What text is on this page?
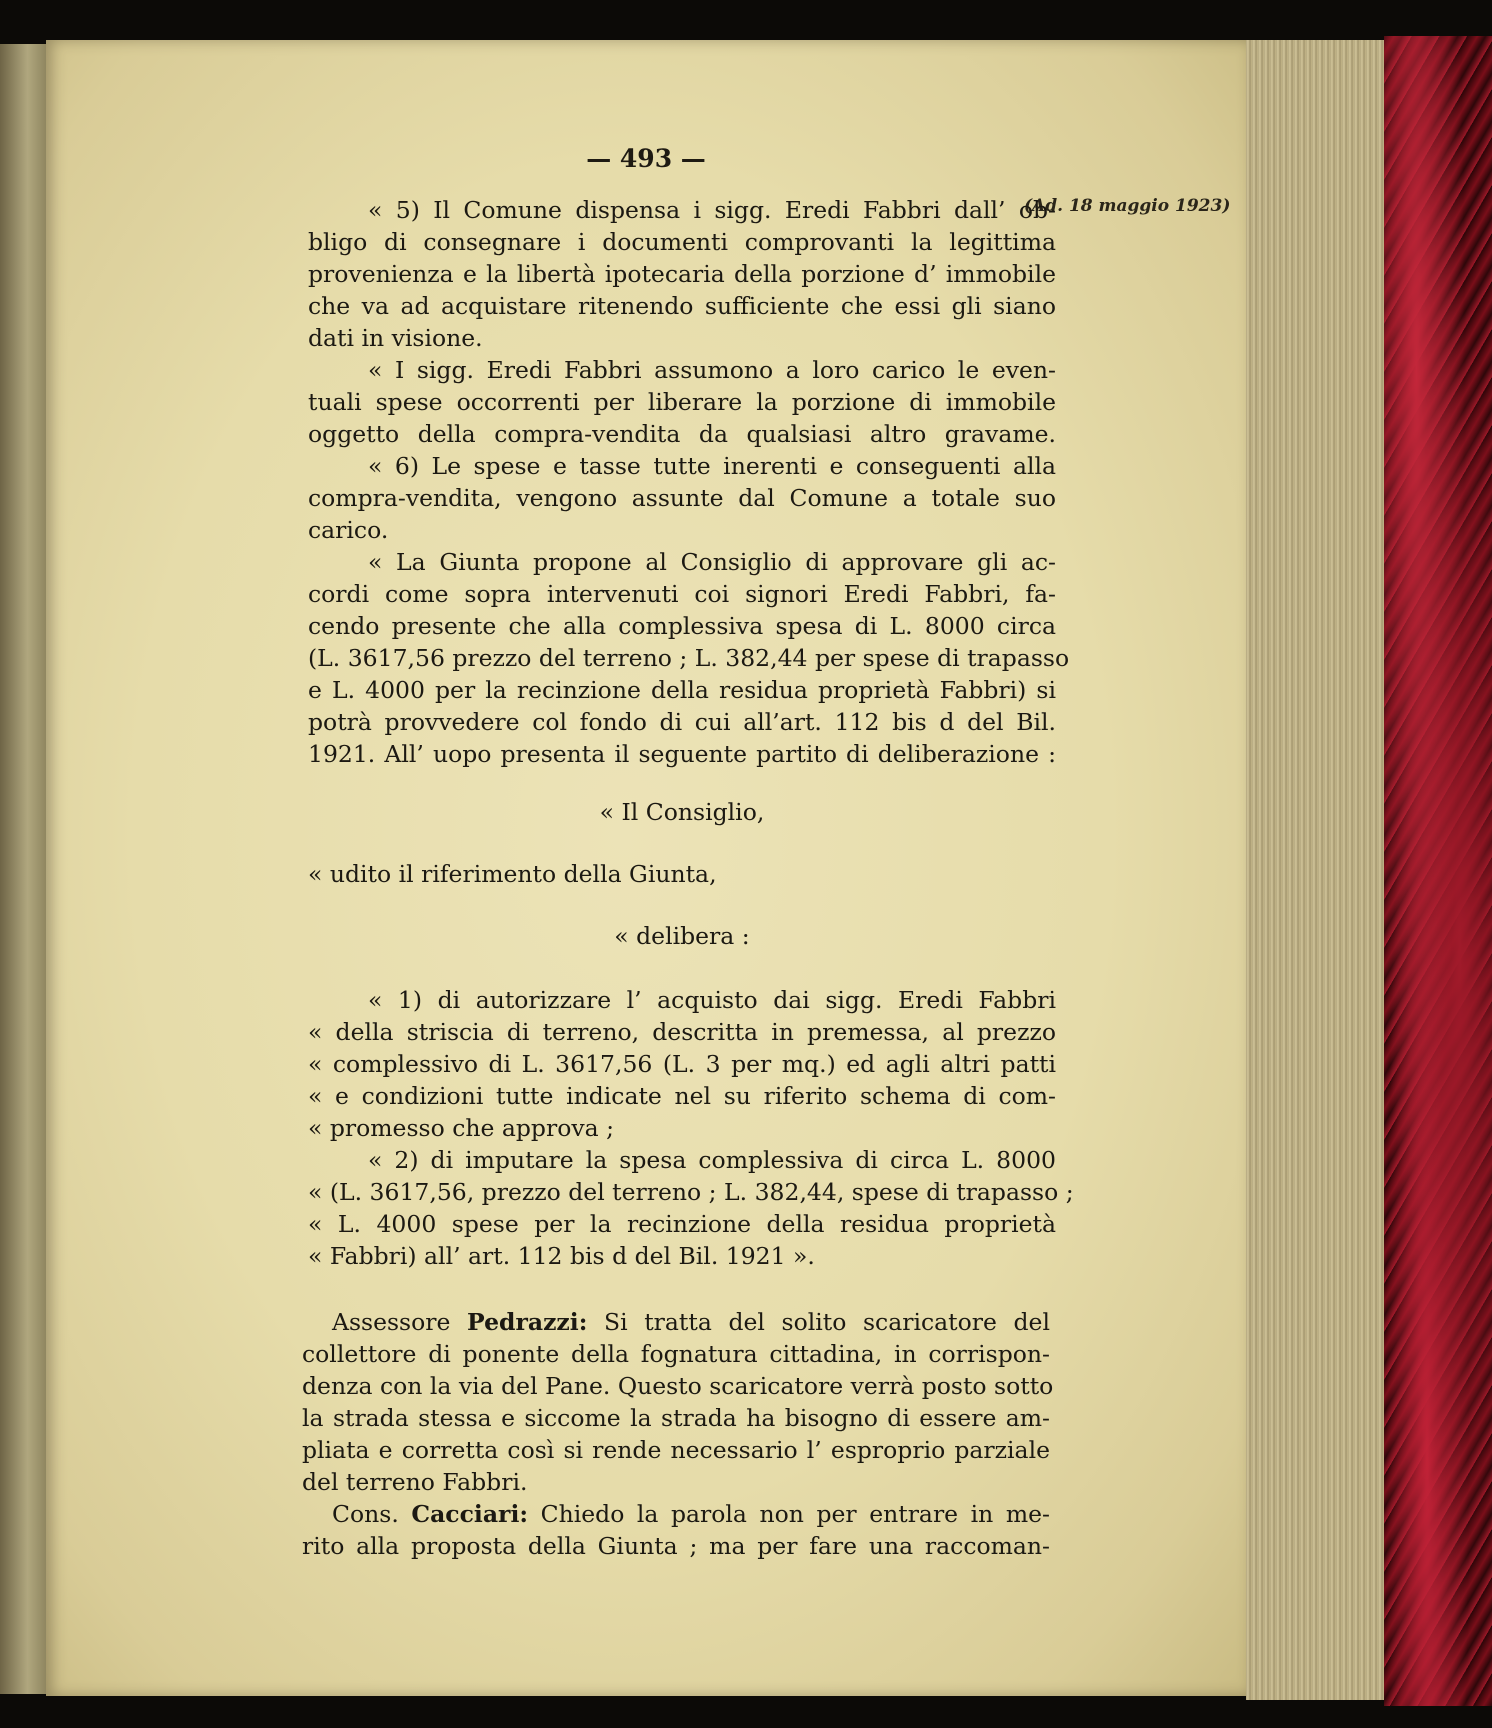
— 493 —
(Ad. 18 maggio 1923)
« 5) Il Comune dispensa i sigg. Eredi Fabbri dall’ ob-
bligo di consegnare i documenti comprovanti la legittima
provenienza e la libertà ipotecaria della porzione d’ immobile
che va ad acquistare ritenendo sufficiente che essi gli siano
dati in visione.
« I sigg. Eredi Fabbri assumono a loro carico le even-
tuali spese occorrenti per liberare la porzione di immobile
oggetto della compra-vendita da qualsiasi altro gravame.
« 6) Le spese e tasse tutte inerenti e conseguenti alla
compra-vendita, vengono assunte dal Comune a totale suo
carico.
« La Giunta propone al Consiglio di approvare gli ac-
cordi come sopra intervenuti coi signori Eredi Fabbri, fa-
cendo presente che alla complessiva spesa di L. 8000 circa
(L. 3617,56 prezzo del terreno ; L. 382,44 per spese di trapasso
e L. 4000 per la recinzione della residua proprietà Fabbri) si
potrà provvedere col fondo di cui all’art. 112 bis d del Bil.
1921. All’ uopo presenta il seguente partito di deliberazione :
« Il Consiglio,
« udito il riferimento della Giunta,
« delibera :
« 1) di autorizzare l’ acquisto dai sigg. Eredi Fabbri
« della striscia di terreno, descritta in premessa, al prezzo
« complessivo di L. 3617,56 (L. 3 per mq.) ed agli altri patti
« e condizioni tutte indicate nel su riferito schema di com-
« promesso che approva ;
« 2) di imputare la spesa complessiva di circa L. 8000
« (L. 3617,56, prezzo del terreno ; L. 382,44, spese di trapasso ;
« L. 4000 spese per la recinzione della residua proprietà
« Fabbri) all’ art. 112 bis d del Bil. 1921 ».
Assessore Pedrazzi: Si tratta del solito scaricatore del
collettore di ponente della fognatura cittadina, in corrispon-
denza con la via del Pane. Questo scaricatore verrà posto sotto
la strada stessa e siccome la strada ha bisogno di essere am-
pliata e corretta così si rende necessario l’ esproprio parziale
del terreno Fabbri.
Cons. Cacciari: Chiedo la parola non per entrare in me-
rito alla proposta della Giunta ; ma per fare una raccoman-
